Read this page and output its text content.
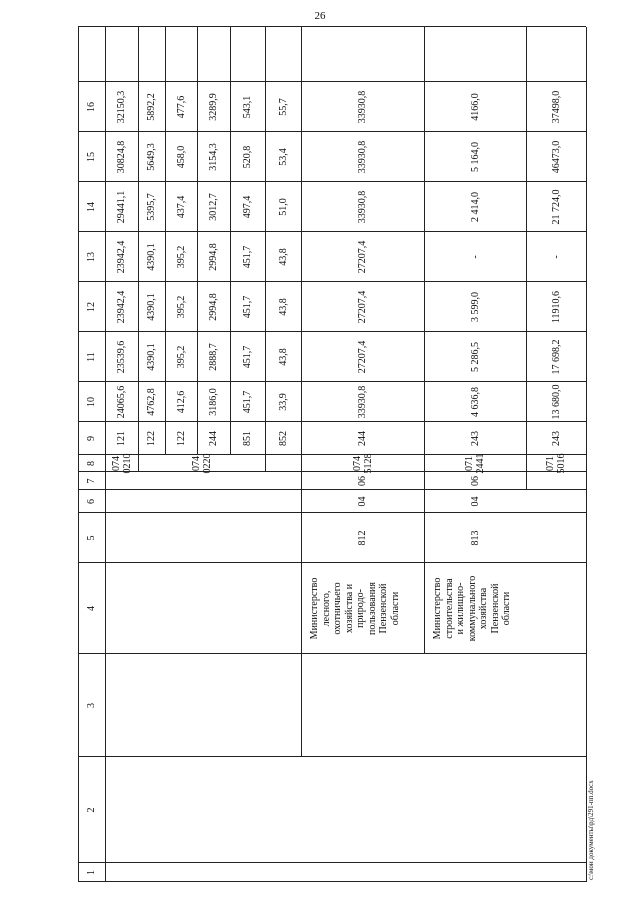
26
1
2
3
4
5
6
7
8
9
10
11
12
13
14
15
16
121
24065,6
23539,6
23942,4
23942,4
29441,1
30824,8
32150,3
122
4762,8
4390,1
4390,1
4390,1
5395,7
5649,3
5892,2
122
412,6
395,2
395,2
395,2
437,4
458,0
477,6
244
3186,0
2888,7
2994,8
2994,8
3012,7
3154,3
3289,9
851
451,7
451,7
451,7
451,7
497,4
520,8
543,1
852
33,9
43,8
43,8
43,8
51,0
53,4
55,7
244
33930,8
27207,4
27207,4
27207,4
33930,8
33930,8
33930,8
812
04
06
074 5128
243
4 636,8
5 286,5
3 599,0
-
2 414,0
5 164,0
4166,0
813
04
06
071 2441
243
13 680,0
17 698,2
11910,6
-
21 724,0
46473,0
37498,0
071 5016
074 0210	074 0220
Министерство лесного, охотничьего хозяйства и природо- пользования Пензенской области	Министерство строительства и жилищно- коммунального хозяйства Пензенской области
c:\мои документы\рд\291-пп.docx
